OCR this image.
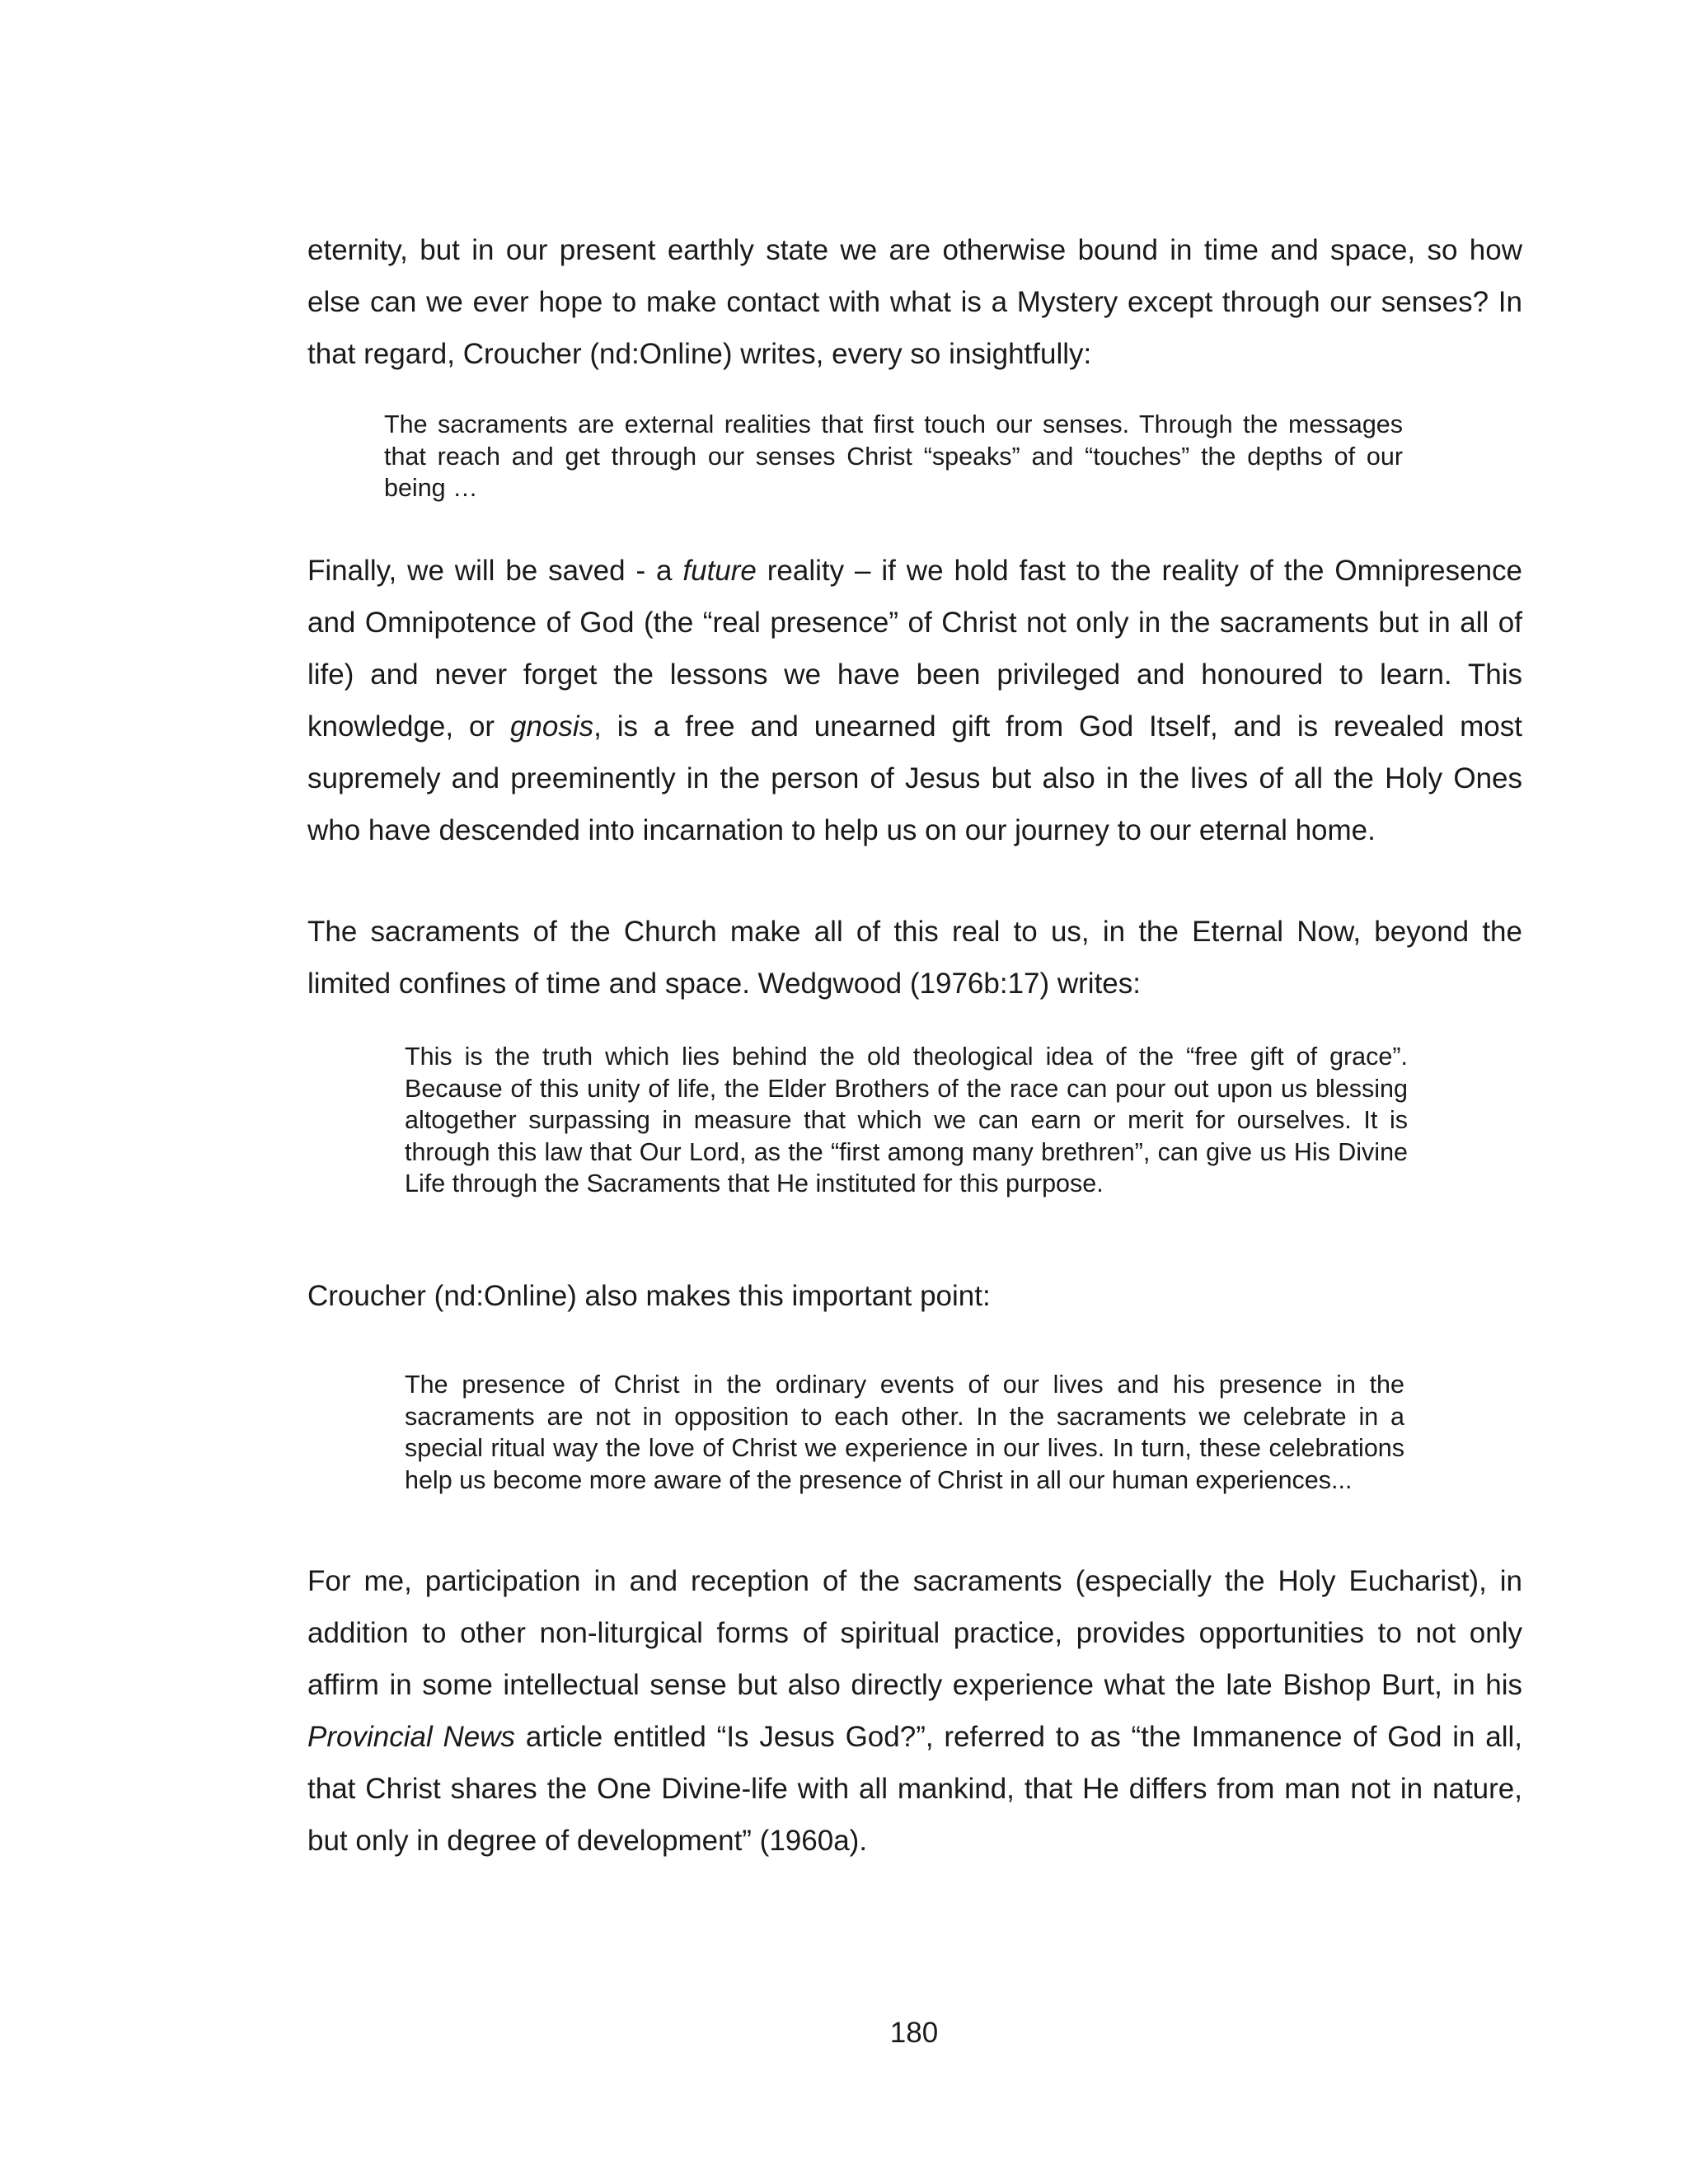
eternity, but in our present earthly state we are otherwise bound in time and space, so how else can we ever hope to make contact with what is a Mystery except through our senses? In that regard, Croucher (nd:Online) writes, every so insightfully:

The sacraments are external realities that first touch our senses. Through the messages that reach and get through our senses Christ “speaks” and “touches” the depths of our being …

Finally, we will be saved - a future reality – if we hold fast to the reality of the Omnipresence and Omnipotence of God (the “real presence” of Christ not only in the sacraments but in all of life) and never forget the lessons we have been privileged and honoured to learn. This knowledge, or gnosis, is a free and unearned gift from God Itself, and is revealed most supremely and preeminently in the person of Jesus but also in the lives of all the Holy Ones who have descended into incarnation to help us on our journey to our eternal home.

The sacraments of the Church make all of this real to us, in the Eternal Now, beyond the limited confines of time and space. Wedgwood (1976b:17) writes:

This is the truth which lies behind the old theological idea of the “free gift of grace”. Because of this unity of life, the Elder Brothers of the race can pour out upon us blessing altogether surpassing in measure that which we can earn or merit for ourselves. It is through this law that Our Lord, as the “first among many brethren”, can give us His Divine Life through the Sacraments that He instituted for this purpose.

Croucher (nd:Online) also makes this important point:

The presence of Christ in the ordinary events of our lives and his presence in the sacraments are not in opposition to each other. In the sacraments we celebrate in a special ritual way the love of Christ we experience in our lives. In turn, these celebrations help us become more aware of the presence of Christ in all our human experiences...

For me, participation in and reception of the sacraments (especially the Holy Eucharist), in addition to other non-liturgical forms of spiritual practice, provides opportunities to not only affirm in some intellectual sense but also directly experience what the late Bishop Burt, in his Provincial News article entitled “Is Jesus God?”, referred to as “the Immanence of God in all, that Christ shares the One Divine-life with all mankind, that He differs from man not in nature, but only in degree of development” (1960a).

180
